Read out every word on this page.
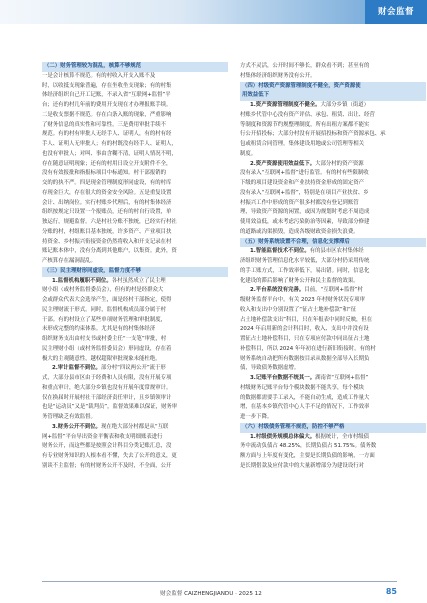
财会监督

（二）财务管理较为混乱，核算不够规范

一是会计核算不规范。有的村收入开支入账不及

时，以收抵支现象普遍，存在坐收坐支现象；有的村集

体经济组织自己开工记账，不录入省“互联网+监督”平

台；还有的村几年前的费用开支现在才办理报账手续。

二是收支票据不规范。存在白条入账的现象，严重影响

了财务信息的真实性和可靠性。三是费用审批手续不

规范。有的村有审批人无经手人、证明人，有的村有经

手人、证明人无审批人；有的村既没有经手人、证明人，

也没有审批人；对叫、事由含糊不清，证明人情况不明，

存在随意证明现象；还有的村用日设立开支附件不全，

没有有效报批和指报标项目中标通知。村干部报销的

交的的执不严。四是现金管理制度形同虚设，有的村库

存现金巨大，存在很大的资金安全风险。五是重复设置

会计、出纳岗位。实行村账乡代理后，有的村集体经济

组织按规定只设置一个报账员，还有的村自行设置，单

独运行，规避监督。六是村社分账不独统，已经实行村社

分账的村，村组账目基本独统，许多资产、产业项目扶

持资金、乡村振兴衔接资金仍然将收入和开支记录在村

账记账本体中，没有分离到其他账户，以集资。此外，资

产核算存在漏洞混乱。

（三）民主理财形同虚设，监督力度不够

1.监督机构履职不到位。各村虽然成立了民主理

财小组（或村务监督委员会），但有的村是经群众大

会或群众代表大会选举产生，面是经村干部指定，使得

民主理财流于形式。同时，监督机构成员部分属于村

干部。有的村设立了某些单项财务管理和审批制度，

未形成完整的约束体系。尤其是有的村集体经济

组织财务支出由村支书或村委主任“一支笔”审批，村

民主理财小组（或村务监督委员会）形同虚设，存在着

极大的主观随意性，越权超限审批现象未能杜绝。

2.审计监督不到位。部分村“四议两公开”流于形

式，大部分县市区由于经费和人员有限，没有开展专项

和重点审计，绝大部分乡镇也没有开展年度常规审计。

仅在换届时开展村社干部经济责任审计，且乡镇领审计

也是“运动员”又是“裁判员”，监督效果难以保证，财务审

务管理缺乏有效监督。

3.财务公开不到位。现在绝大部分村都是从“互联

网+监督”平台导出资金平衡表和收支明细账表进行

财务公开，而这些都是按照会计科目分类记账汇总，没

有专业财务知识的人根本看不懂，失去了公开的意义，更

别谈不主监督；有的村财务公开不及时，不全面，公开

方式不灵活，公开时间不够长，群众看不到；甚至有的

村集体经济组织财务没有公开。

（四）村级资产资源管理制度不健全，资产资源使

用效益低下

1.资产资源管理制度不健全。大部分乡镇（街道）

村账乡代管中心没有资产评估、承包、租赁、出让、经营

等制度和资源节约规整理制度，所有出租方案都不能实

行公开招投标；大部分村没有开展招投标和资产资源承包、承

包或租赁合同管理。集体建设用地或公司管理等相关

制度。

2.资产资源使用效益低下。大部分村的资产资源

没有录入“互联网+监督”进行监管。有的村有些限制收

下级的项目建设资金和产业扶持资金形成的固定资产

没有录入“互联网+监督”，特别是在项目产业扶贫、乡

村振兴工作中形成的资产很多村都没有登记到账管

理，导致资产资源的闲置，或因为规划时考虑不周造成

使用效益低，或未考虑污染防治等因素，导致部分修建

的道路或沟渠损毁，造成各级财政资金损失浪费。

（五）财务系统设置不合理，信息化支撑滞后

1.智能监督技术不到位。有的县市区农村集体经

济组织财务管理信息化水平较低，大部分村仍采用传统

的手工账方式，工作效率低下，易出错。同时，信息化

化建设的滞后影响了财务公开和民主监督的效果。

2.平台系统没有完善。目前，“互联网+监督”村

级财务监督平台中，有关 2023 年村财务状况专项审

收入和支出中分别设置了“征占土地补偿款”和“征

占土地补偿款支出”科目，只在年报表中同时反映，但在

2024 年启用新的会计科目时，收入、支出中并没有设

置征占土地补偿科目，只在专项应付款中同出征占土地

补偿科目，所以 2024 年年初在进行新旧衔接时，有的村

财务系统自动把所有数据按目录从数据全部导入长期负

债，导致债务数据虚增。

3.记账平台数据不统其一。湖南省“互联网+监督”

村级财务记账平台每个模块数据不能共享，每个模块

的数据都需要手工录入，不能自动生成，造成工作量大

增，在基本乡镇代管中心人手不足的情况下，工作效率

进一步下降。

（六）村级债务管理不规范，防控不够严格

1.村级债务规模总体偏大。根据统计，全市村级债

务中流动负债占 48.25%，长期负债占 51.75%。债务数

额方面与上年度有变化，主要是长期负债的影响，一方面

是长期借款及应付款中的大量新增部分为建设设行对

财会监督 CAIZHENGJIANDU · 2025 12	85
